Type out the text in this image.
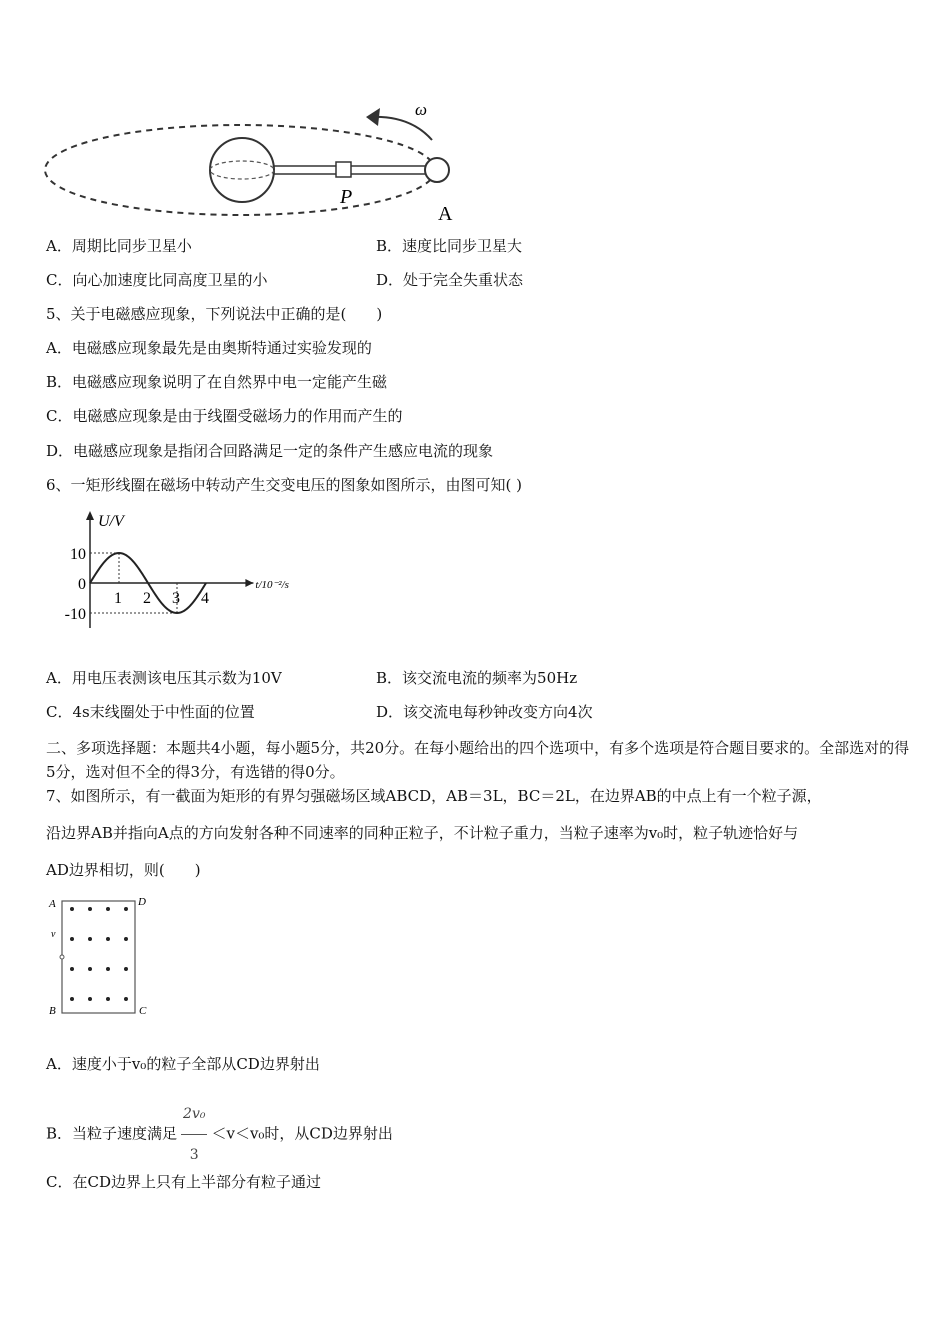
ω
P
A
A．周期比同步卫星小	B．速度比同步卫星大
C．向心加速度比同高度卫星的小	D．处于完全失重状态
5、关于电磁感应现象，下列说法中正确的是(　　)
A．电磁感应现象最先是由奥斯特通过实验发现的
B．电磁感应现象说明了在自然界中电一定能产生磁
C．电磁感应现象是由于线圈受磁场力的作用而产生的
D．电磁感应现象是指闭合回路满足一定的条件产生感应电流的现象
6、一矩形线圈在磁场中转动产生交变电压的图象如图所示，由图可知( )
10
0
-10
1 2 3 4
U/V
t/10⁻²/s
A．用电压表测该电压其示数为10V	B．该交流电流的频率为50Hz
C．4s末线圈处于中性面的位置	D．该交流电每秒钟改变方向4次
二、多项选择题：本题共4小题，每小题5分，共20分。在每小题给出的四个选项中，有多个选项是符合题目要求的。全部选对的得5分，选对但不全的得3分，有选错的得0分。
7、如图所示，有一截面为矩形的有界匀强磁场区域ABCD，AB＝3L，BC＝2L，在边界AB的中点上有一个粒子源，
沿边界AB并指向A点的方向发射各种不同速率的同种正粒子，不计粒子重力，当粒子速率为v₀时，粒子轨迹恰好与
AD边界相切，则(　　)
A	D
B	C
v
A．速度小于v₀的粒子全部从CD边界射出
B．当粒子速度满足 $\frac{\text{2v₀}}{3} <v<v_0$时，从CD边界射出
C．在CD边界上只有上半部分有粒子通过
